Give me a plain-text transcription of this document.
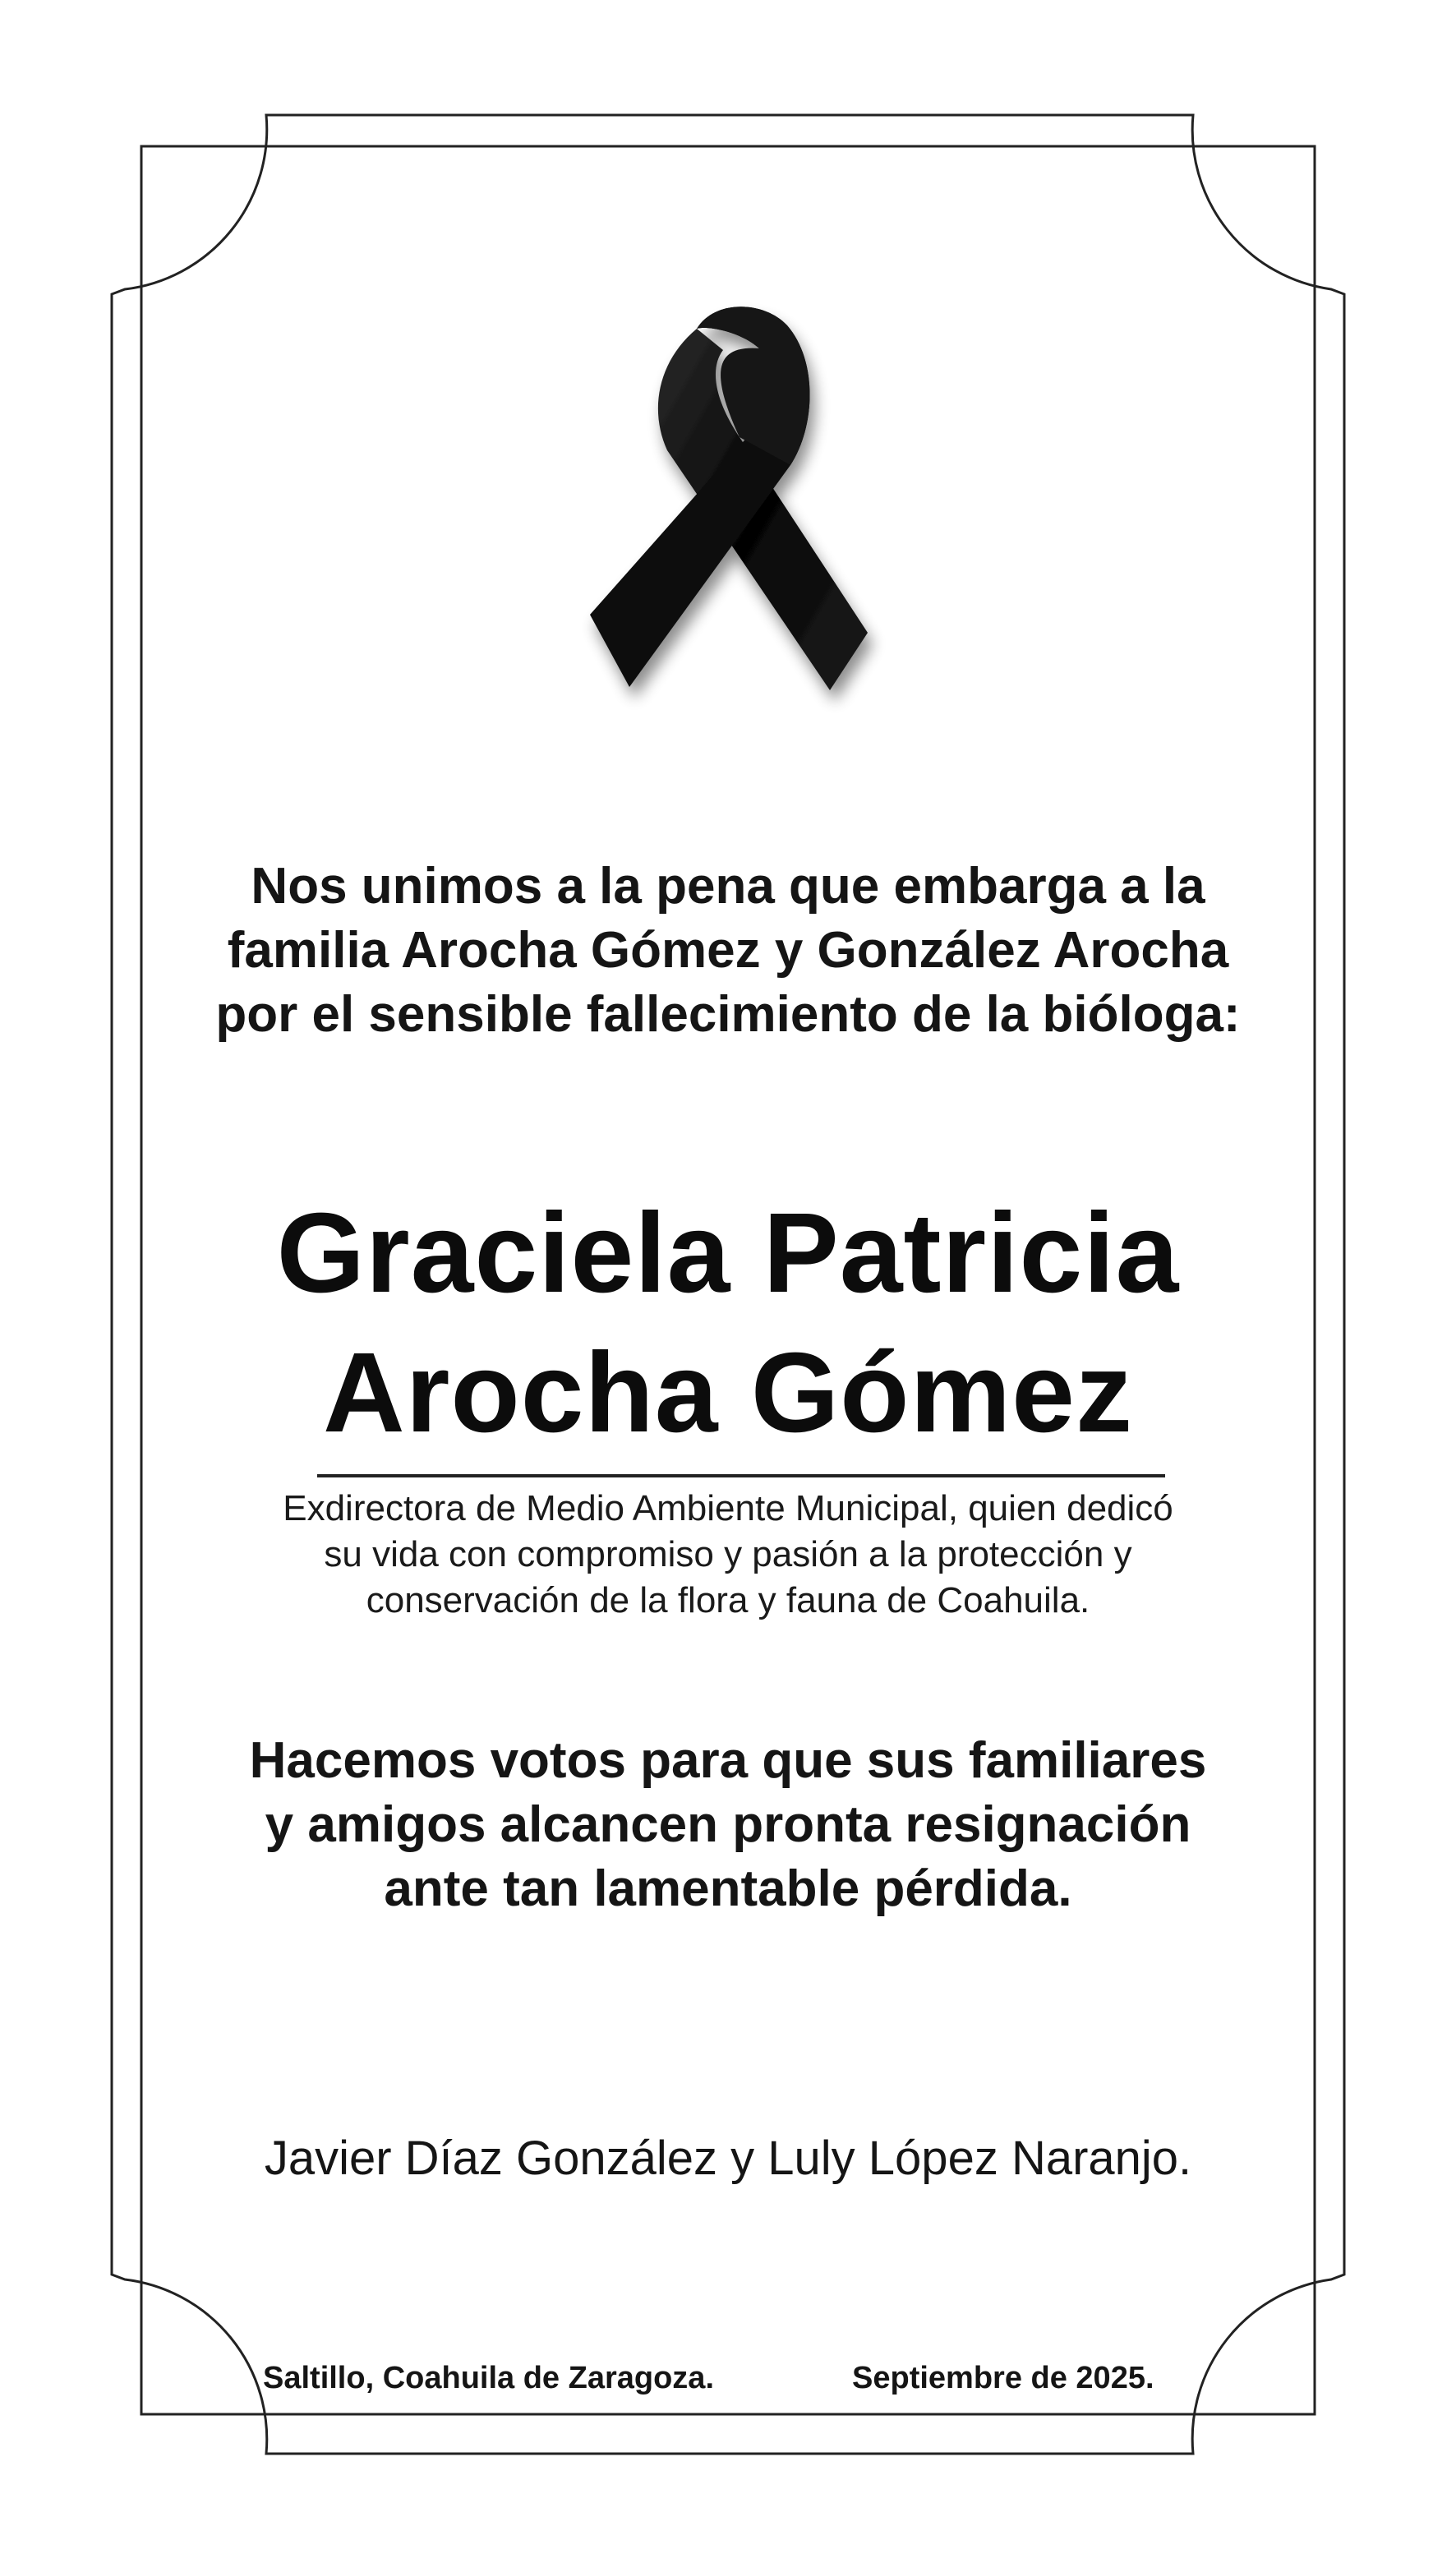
Nos unimos a la pena que embarga a la
familia Arocha Gómez y González Arocha
por el sensible fallecimiento de la bióloga:

Graciela Patricia
Arocha Gómez

Exdirectora de Medio Ambiente Municipal, quien dedicó
su vida con compromiso y pasión a la protección y
conservación de la flora y fauna de Coahuila.

Hacemos votos para que sus familiares
y amigos alcancen pronta resignación
ante tan lamentable pérdida.

Javier Díaz González y Luly López Naranjo.

Saltillo, Coahuila de Zaragoza.	Septiembre de 2025.
